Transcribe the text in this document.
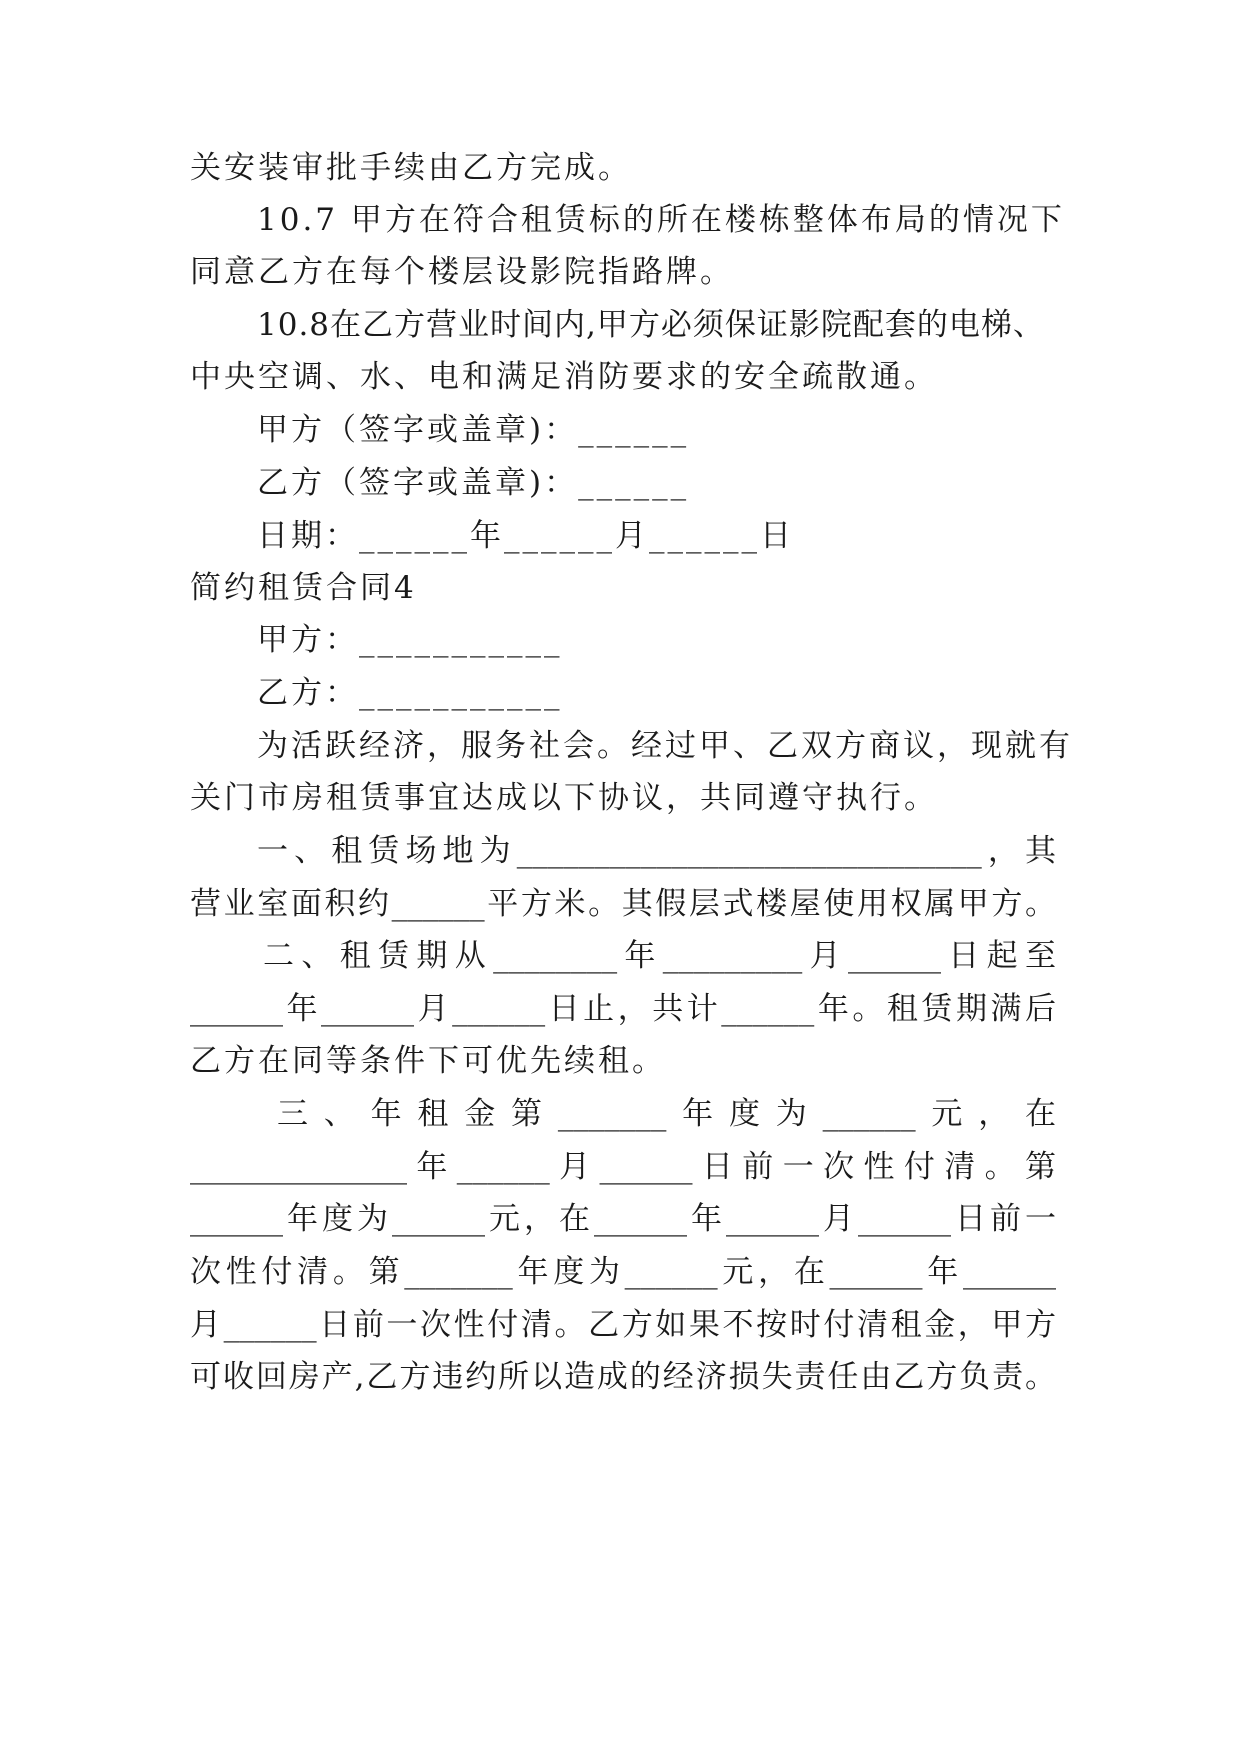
关安装审批手续由乙方完成。
10.7 甲方在符合租赁标的所在楼栋整体布局的情况下
同意乙方在每个楼层设影院指路牌。
10.8在乙方营业时间内,甲方必须保证影院配套的电梯、
中央空调、水、电和满足消防要求的安全疏散通。
甲方（签字或盖章)：______
乙方（签字或盖章)：______
日期：______年______月______日
简约租赁合同4
甲方：___________
乙方：___________
为活跃经济，服务社会。经过甲、乙双方商议，现就有
关门市房租赁事宜达成以下协议，共同遵守执行。
一、租赁场地为______________________________，其
营业室面积约______平方米。其假层式楼屋使用权属甲方。
二、租赁期从________年_________月______日起至
______年______月______日止，共计______年。租赁期满后
乙方在同等条件下可优先续租。
三、年租金第_______年度为______元，在
______________年______月______日前一次性付清。第
______年度为______元，在______年______月______日前一
次性付清。第_______年度为______元，在______年______
月______日前一次性付清。乙方如果不按时付清租金，甲方
可收回房产,乙方违约所以造成的经济损失责任由乙方负责。
